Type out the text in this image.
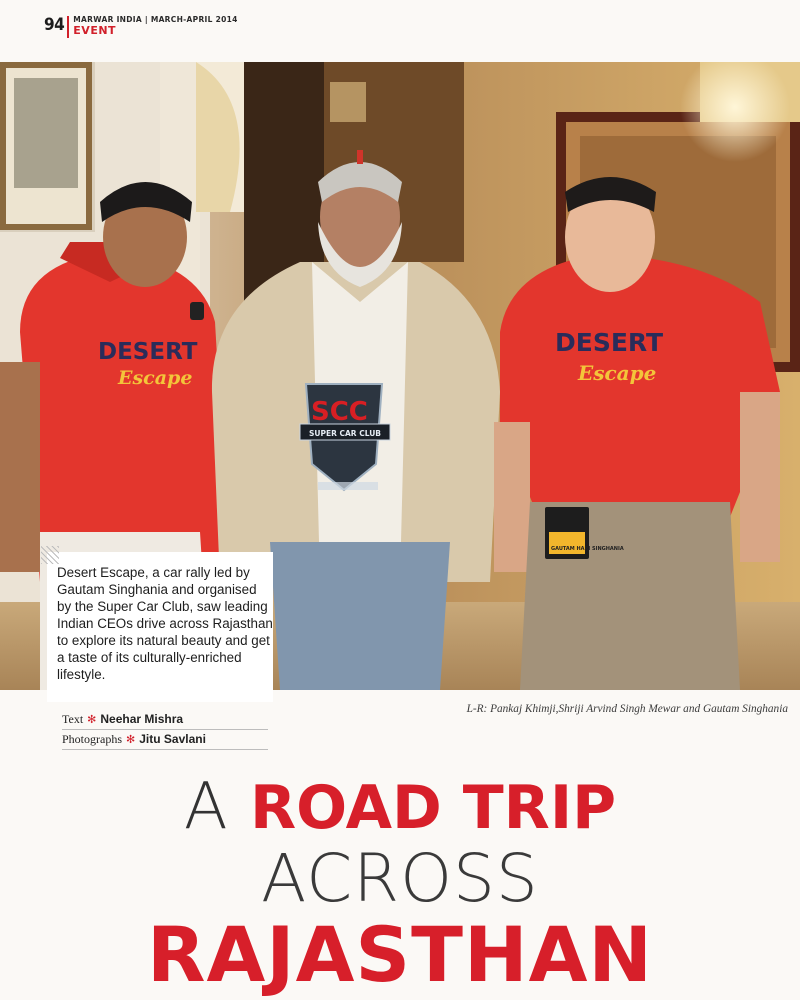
94 MARWAR INDIA | MARCH-APRIL 2014
EVENT
DESERT
Escape
SCC
SUPER CAR CLUB
DESERT
Escape
GAUTAM HARI SINGHANIA
Desert Escape, a car rally led by Gautam Singhania and organised by the Super Car Club, saw leading Indian CEOs drive across Rajasthan to explore its natural beauty and get a taste of its culturally-enriched lifestyle.
Text ✻ Neehar Mishra
Photographs ✻ Jitu Savlani
L-R: Pankaj Khimji,Shriji Arvind Singh Mewar and Gautam Singhania
A ROAD TRIP
ACROSS
RAJASTHAN
